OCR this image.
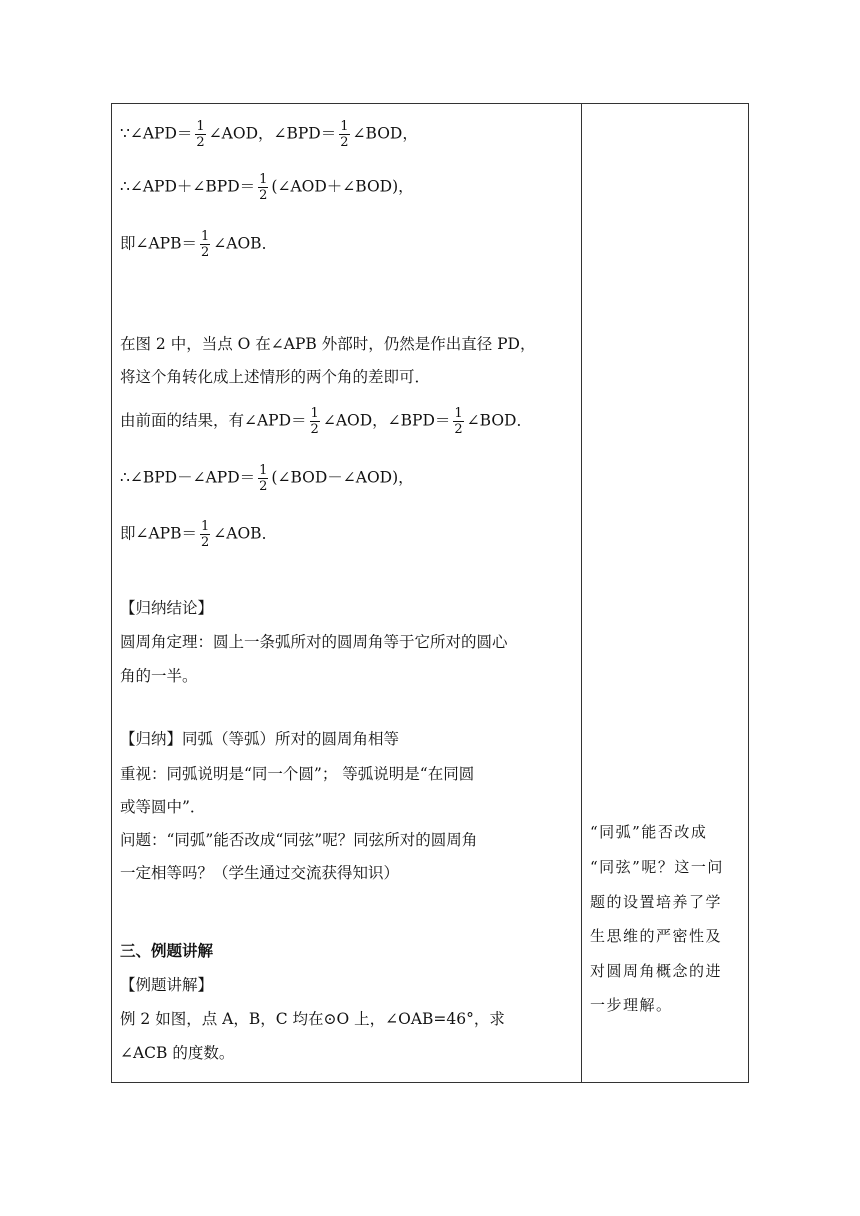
∵∠APD＝ $\frac{1}{2}$ ∠AOD，∠BPD＝ $\frac{1}{2}$ ∠BOD，
∴∠APD＋∠BPD＝ $\frac{1}{2}$ (∠AOD＋∠BOD)，
即∠APB＝ $\frac{1}{2}$ ∠AOB．
在图 2 中，当点 O 在∠APB 外部时，仍然是作出直径 PD，
将这个角转化成上述情形的两个角的差即可．
由前面的结果，有∠APD＝ $\frac{1}{2}$ ∠AOD，∠BPD＝ $\frac{1}{2}$ ∠BOD．
∴∠BPD－∠APD＝ $\frac{1}{2}$ (∠BOD－∠AOD)，
即∠APB＝ $\frac{1}{2}$ ∠AOB．
【归纳结论】
圆周角定理：圆上一条弧所对的圆周角等于它所对的圆心
角的一半。
【归纳】同弧（等弧）所对的圆周角相等
重视：同弧说明是“同一个圆”； 等弧说明是“在同圆
或等圆中”．
问题：“同弧”能否改成“同弦”呢？同弦所对的圆周角
一定相等吗？（学生通过交流获得知识）
三、例题讲解
【例题讲解】
例 2 如图，点 A，B，C 均在⊙O 上，∠OAB=46°，求
∠ACB 的度数。
“同弧”能否改成
“同弦”呢？这一问
题的设置培养了学
生思维的严密性及
对圆周角概念的进
一步理解。
